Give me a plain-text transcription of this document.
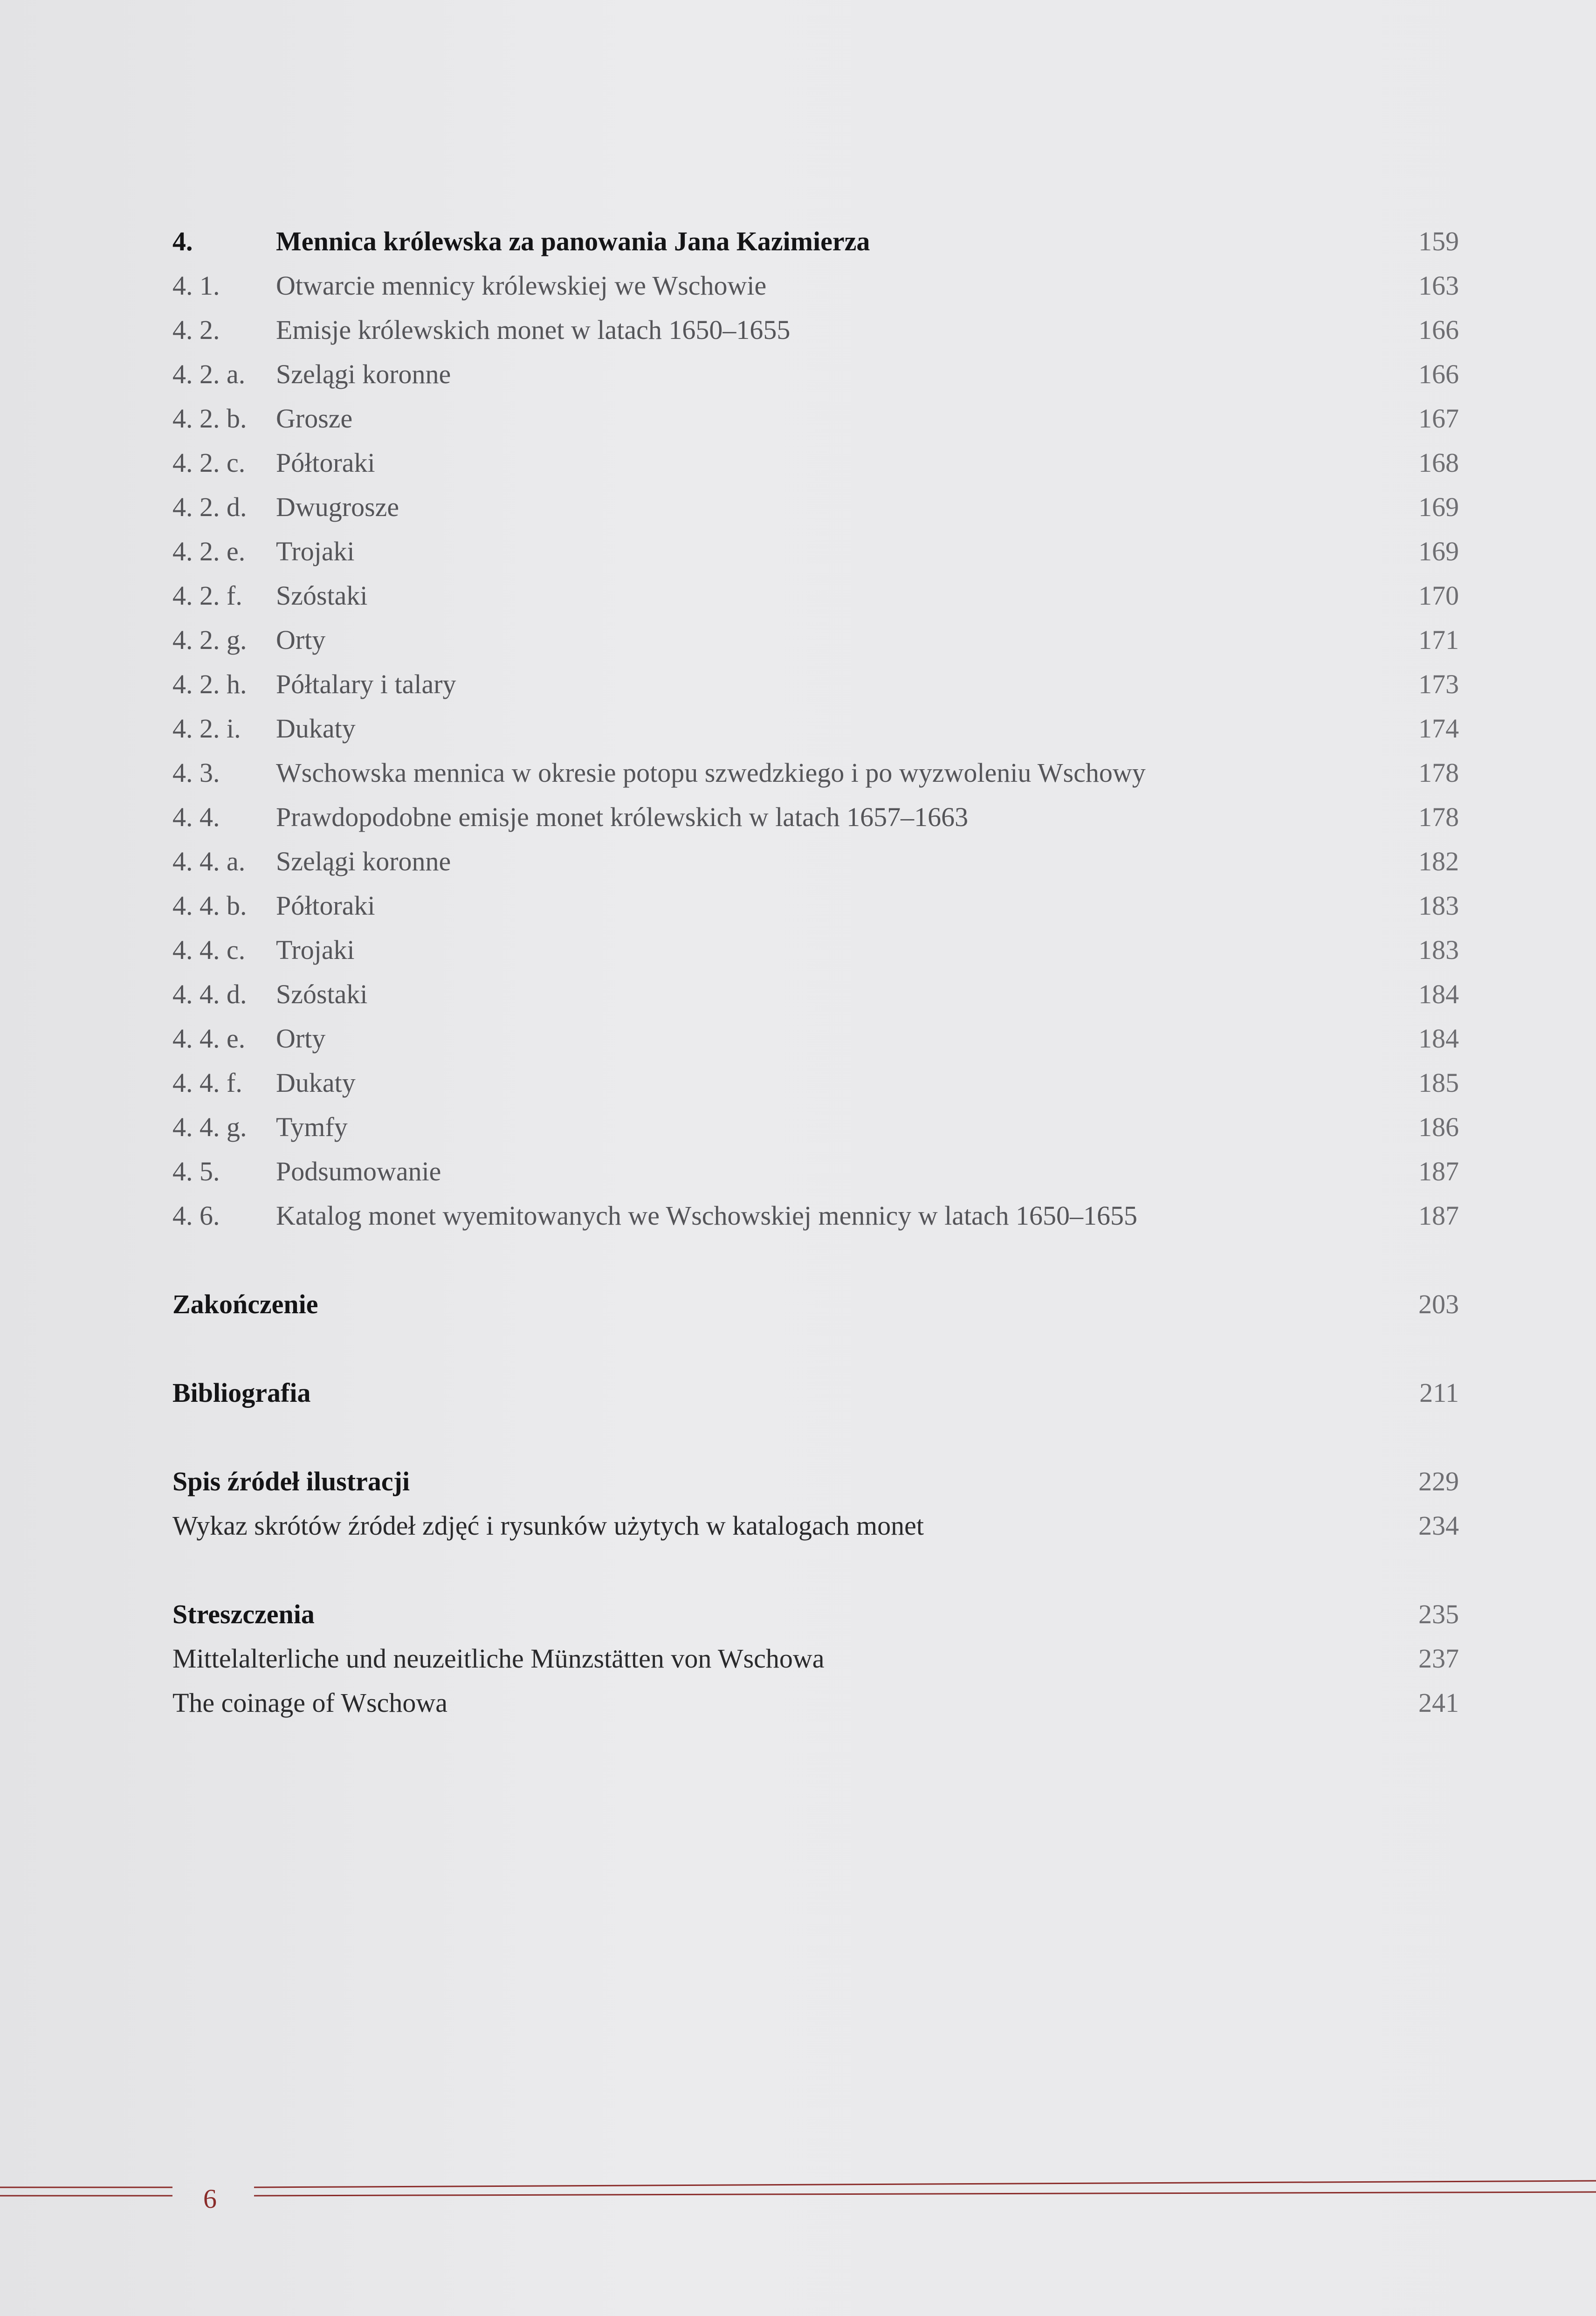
4.	Mennica królewska za panowania Jana Kazimierza	159
4. 1. Otwarcie mennicy królewskiej we Wschowie	163
4. 2. Emisje królewskich monet w latach 1650–1655	166
4. 2. a. Szelągi koronne	166
4. 2. b. Grosze	167
4. 2. c. Półtoraki	168
4. 2. d. Dwugrosze	169
4. 2. e. Trojaki	169
4. 2. f. Szóstaki	170
4. 2. g. Orty	171
4. 2. h. Półtalary i talary	173
4. 2. i. Dukaty	174
4. 3. Wschowska mennica w okresie potopu szwedzkiego i po wyzwoleniu Wschowy	178
4. 4. Prawdopodobne emisje monet królewskich w latach 1657–1663	178
4. 4. a. Szelągi koronne	182
4. 4. b. Półtoraki	183
4. 4. c. Trojaki	183
4. 4. d. Szóstaki	184
4. 4. e. Orty	184
4. 4. f. Dukaty	185
4. 4. g. Tymfy	186
4. 5. Podsumowanie	187
4. 6. Katalog monet wyemitowanych we Wschowskiej mennicy w latach 1650–1655	187
Zakończenie	203
Bibliografia	211
Spis źródeł ilustracji	229
Wykaz skrótów źródeł zdjęć i rysunków użytych w katalogach monet	234
Streszczenia	235
Mittelalterliche und neuzeitliche Münzstätten von Wschowa	237
The coinage of Wschowa	241
6
